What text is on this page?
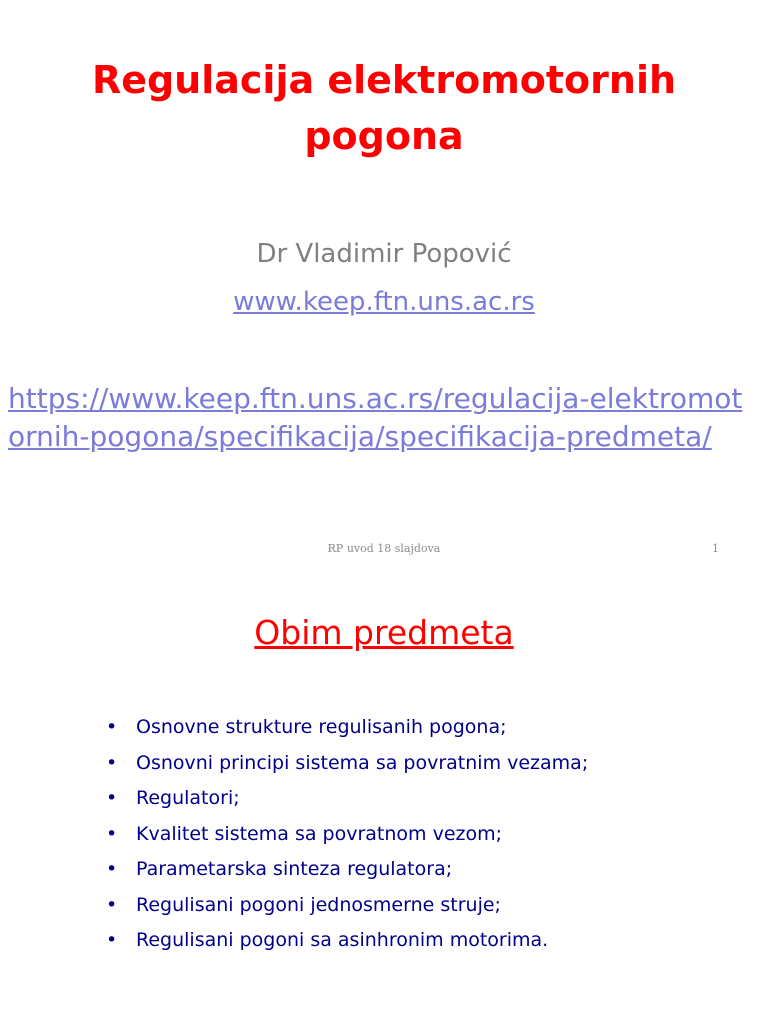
Regulacija elektromotornih
pogona
Dr Vladimir Popović
www.keep.ftn.uns.ac.rs
https://www.keep.ftn.uns.ac.rs/regulacija-elektromot
ornih-pogona/specifikacija/specifikacija-predmeta/
RP uvod 18 slajdova	1
Obim predmeta
• Osnovne strukture regulisanih pogona;
• Osnovni principi sistema sa povratnim vezama;
• Regulatori;
• Kvalitet sistema sa povratnom vezom;
• Parametarska sinteza regulatora;
• Regulisani pogoni jednosmerne struje;
• Regulisani pogoni sa asinhronim motorima.
